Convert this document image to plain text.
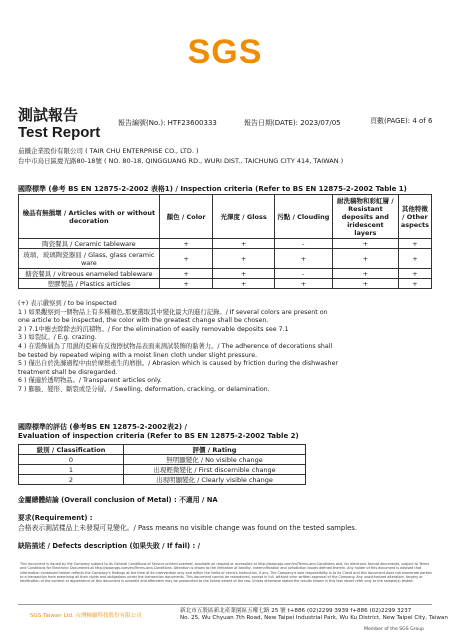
SGS
測試報告
Test Report
報告編號(No.): HTF23600333	報告日期(DATE): 2023/07/05	頁數(PAGE): 4 of 6
茄鐵企業股份有限公司 ( TAIR CHU ENTERPRISE CO., LTD. )
台中市烏日區慶光路80-18號 ( NO. 80-18, QINGGUANG RD., WURI DIST., TAICHUNG CITY 414, TAIWAN )
國際標準 (參考 BS EN 12875-2-2002 表格1) / Inspection criteria (Refer to BS EN 12875-2-2002 Table 1)
檢品有無損壞 / Articles with or without decoration	顏色 / Color	光澤度 / Gloss	污點 / Clouding	耐洗稿物和彩虹層 / Resistant deposits and iridescent layers	其他特徵 / Other aspects
陶瓷餐具 / Ceramic tableware	+	+	-	+	+
玻璃、玻璃陶瓷器皿 / Glass, glass ceramic ware	+	+	+	+	+
搪瓷餐具 / vitreous enameled tableware	+	+	-	+	+
塑膠製品 / Plastics articles	+	+	+	+	+
(+) 表示嚴察到 / to be inspected
1 ) 如果觀察到一個物品上有多種顏色,那麼選取其中變化最大的進行記錄。/ If several colors are present on
one article to be inspected, the color with the greatest change shall be chosen.
2 ) 7.1中應去除除去的沉積物。/ For the elimination of easily removable deposits see 7.1
3 ) 如裂紋。/ E.g. crazing.
4 ) 在裝飾層為了用濕的亞麻布反復擦拭物品表面來測試裝飾的黏著力。/ The adherence of decorations shall
be tested by repeated wiping with a moist linen cloth under slight pressure.
5 ) 僅出自於洗滌過程中由於摩擦產生的磨損。/ Abrasion which is caused by friction during the dishwasher
treatment shall be disregarded.
6 ) 僅適於透明物品。/ Transparent articles only.
7 ) 膨脹、變形、斷裂或是分層。/ Swelling, deformation, cracking, or delamination.
國際標準的評估 (參考BS EN 12875-2-2002表2) /
Evaluation of inspection criteria (Refer to BS EN 12875-2-2002 Table 2)
級別 / Classification	評價 / Rating
0	無明顯變化 / No visible change
1	出現輕微變化 / First discernible change
2	出現明顯變化 / Clearly visible change
金屬總體結論 (Overall conclusion of Metal) : 不適用 / NA
要求(Requirement) :
合格表示測試樣品上未發現可見變化。/ Pass means no visible change was found on the tested samples.
缺陷描述 / Defects description (如果失敗 / If fail) : /
This document is issued by the Company subject to its General Conditions of Service printed overleaf, available on request or accessible at http://www.sgs.com/en/Terms-and-Conditions and, for electronic format documents, subject to Terms and Conditions for Electronic Documents at http://www.sgs.com/en/Terms-and-Conditions. Attention is drawn to the limitation of liability, indemnification and jurisdiction issues defined therein. Any holder of this document is advised that information contained hereon reflects the Company's findings at the time of its intervention only and within the limits of client's instruction, if any. The Company's sole responsibility is to its Client and this document does not exonerate parties to a transaction from exercising all their rights and obligations under the transaction documents. This document cannot be reproduced, except in full, without prior written approval of the Company. Any unauthorized alteration, forgery or falsification of the content or appearance of this document is unlawful and offenders may be prosecuted to the fullest extent of the law. Unless otherwise stated the results shown in this test report refer only to the sample(s) tested.
SGS Taiwan Ltd. 台灣檢驗科技股份有限公司
新北市五股區新北產業園區五權七路 25 號 t+886 (02)2299 3939 f+886 (02)2299 3237
No. 25, Wu Chyuan 7th Road, New Taipei Industrial Park, Wu Ku District, New Taipei City, Taiwan
Member of the SGS Group
